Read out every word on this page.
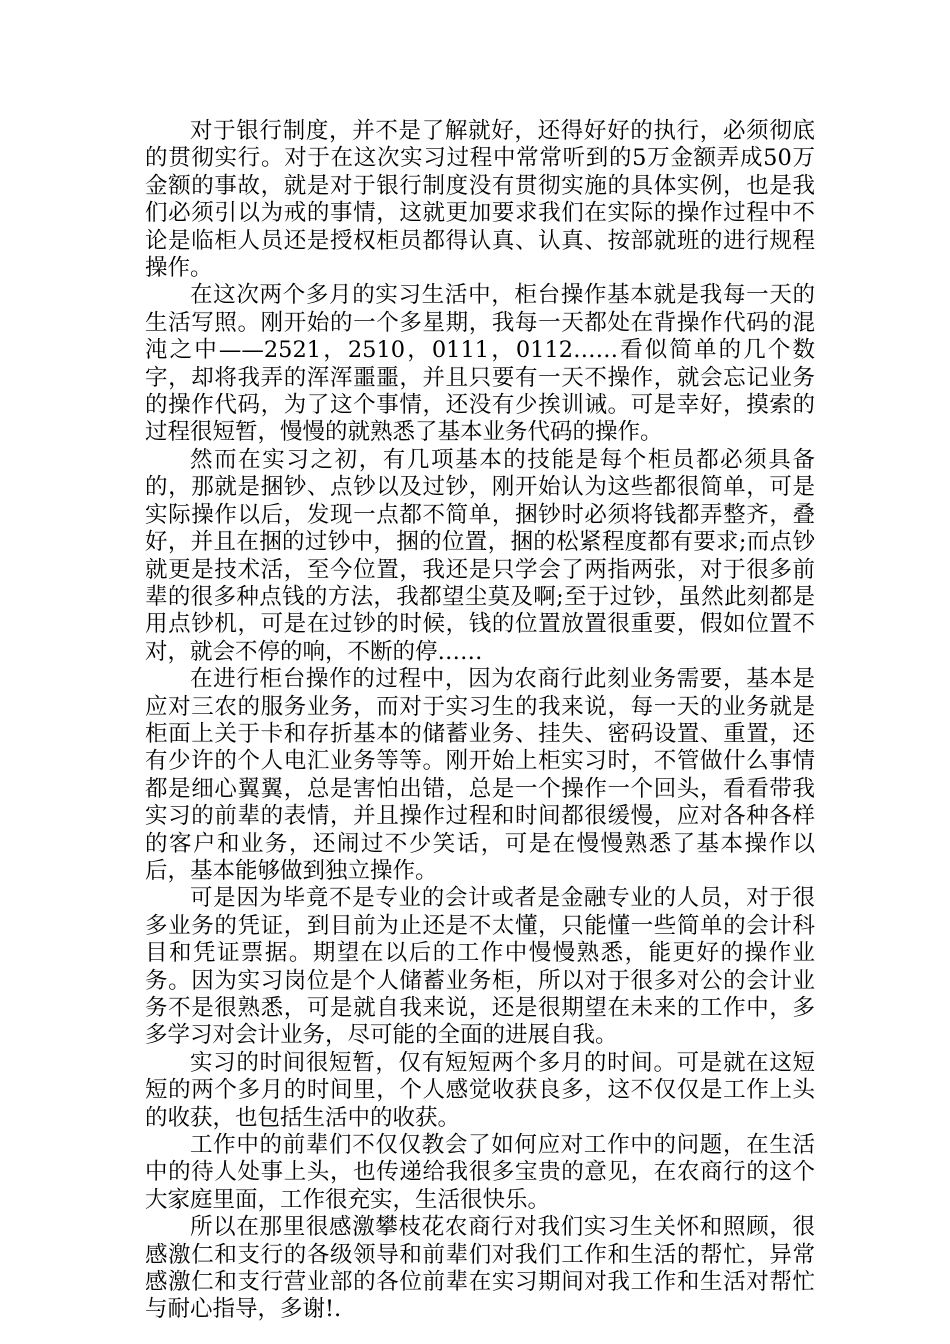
对于银行制度，并不是了解就好，还得好好的执行，必须彻底的贯彻实行。对于在这次实习过程中常常听到的5万金额弄成50万金额的事故，就是对于银行制度没有贯彻实施的具体实例，也是我们必须引以为戒的事情，这就更加要求我们在实际的操作过程中不论是临柜人员还是授权柜员都得认真、认真、按部就班的进行规程操作。

在这次两个多月的实习生活中，柜台操作基本就是我每一天的生活写照。刚开始的一个多星期，我每一天都处在背操作代码的混沌之中——2521，2510，0111，0112……看似简单的几个数字，却将我弄的浑浑噩噩，并且只要有一天不操作，就会忘记业务的操作代码，为了这个事情，还没有少挨训诫。可是幸好，摸索的过程很短暂，慢慢的就熟悉了基本业务代码的操作。

然而在实习之初，有几项基本的技能是每个柜员都必须具备的，那就是捆钞、点钞以及过钞，刚开始认为这些都很简单，可是实际操作以后，发现一点都不简单，捆钞时必须将钱都弄整齐，叠好，并且在捆的过钞中，捆的位置，捆的松紧程度都有要求;而点钞就更是技术活，至今位置，我还是只学会了两指两张，对于很多前辈的很多种点钱的方法，我都望尘莫及啊;至于过钞，虽然此刻都是用点钞机，可是在过钞的时候，钱的位置放置很重要，假如位置不对，就会不停的响，不断的停……

在进行柜台操作的过程中，因为农商行此刻业务需要，基本是应对三农的服务业务，而对于实习生的我来说，每一天的业务就是柜面上关于卡和存折基本的储蓄业务、挂失、密码设置、重置，还有少许的个人电汇业务等等。刚开始上柜实习时，不管做什么事情都是细心翼翼，总是害怕出错，总是一个操作一个回头，看看带我实习的前辈的表情，并且操作过程和时间都很缓慢，应对各种各样的客户和业务，还闹过不少笑话，可是在慢慢熟悉了基本操作以后，基本能够做到独立操作。

可是因为毕竟不是专业的会计或者是金融专业的人员，对于很多业务的凭证，到目前为止还是不太懂，只能懂一些简单的会计科目和凭证票据。期望在以后的工作中慢慢熟悉，能更好的操作业务。因为实习岗位是个人储蓄业务柜，所以对于很多对公的会计业务不是很熟悉，可是就自我来说，还是很期望在未来的工作中，多多学习对会计业务，尽可能的全面的进展自我。

实习的时间很短暂，仅有短短两个多月的时间。可是就在这短短的两个多月的时间里，个人感觉收获良多，这不仅仅是工作上头的收获，也包括生活中的收获。

工作中的前辈们不仅仅教会了如何应对工作中的问题，在生活中的待人处事上头，也传递给我很多宝贵的意见，在农商行的这个大家庭里面，工作很充实，生活很快乐。

所以在那里很感激攀枝花农商行对我们实习生关怀和照顾，很感激仁和支行的各级领导和前辈们对我们工作和生活的帮忙，异常感激仁和支行营业部的各位前辈在实习期间对我工作和生活对帮忙与耐心指导，多谢!.
